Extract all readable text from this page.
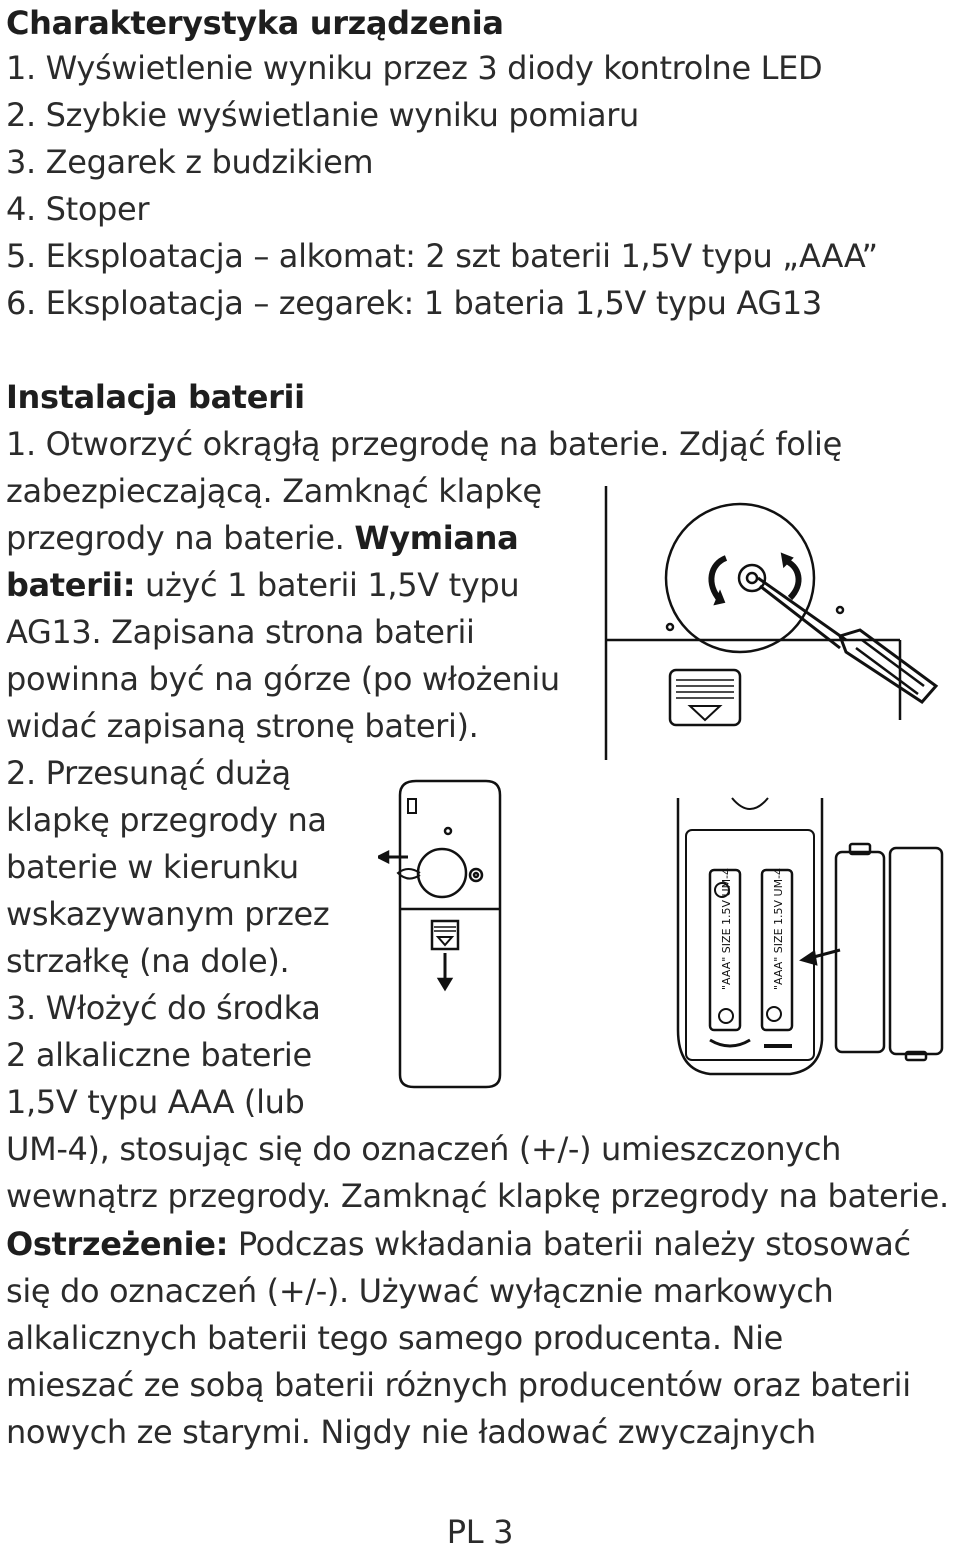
Charakterystyka urządzenia

1. Wyświetlenie wyniku przez 3 diody kontrolne LED

2. Szybkie wyświetlanie wyniku pomiaru

3. Zegarek z budzikiem

4. Stoper

5. Eksploatacja – alkomat: 2 szt baterii 1,5V typu „AAA”

6. Eksploatacja – zegarek: 1 bateria 1,5V typu AG13

Instalacja baterii

1. Otworzyć okrągłą przegrodę na baterie. Zdjąć folię

zabezpieczającą. Zamknąć klapkę

przegrody na baterie. Wymiana

baterii: użyć 1 baterii 1,5V typu

AG13. Zapisana strona baterii

powinna być na górze (po włożeniu

widać zapisaną stronę bateri).

2. Przesunąć dużą

klapkę przegrody na

baterie w kierunku

wskazywanym przez

strzałkę (na dole).

3. Włożyć do środka

2 alkaliczne baterie

1,5V typu AAA (lub

UM-4), stosując się do oznaczeń (+/-) umieszczonych

wewnątrz przegrody. Zamknąć klapkę przegrody na baterie.

Ostrzeżenie: Podczas wkładania baterii należy stosować

się do oznaczeń (+/-). Używać wyłącznie markowych

alkalicznych baterii tego samego producenta. Nie

mieszać ze sobą baterii różnych producentów oraz baterii

nowych ze starymi. Nigdy nie ładować zwyczajnych

"AAA" SIZE 1.5V UM-4	"AAA" SIZE 1.5V UM-4
PL 3
